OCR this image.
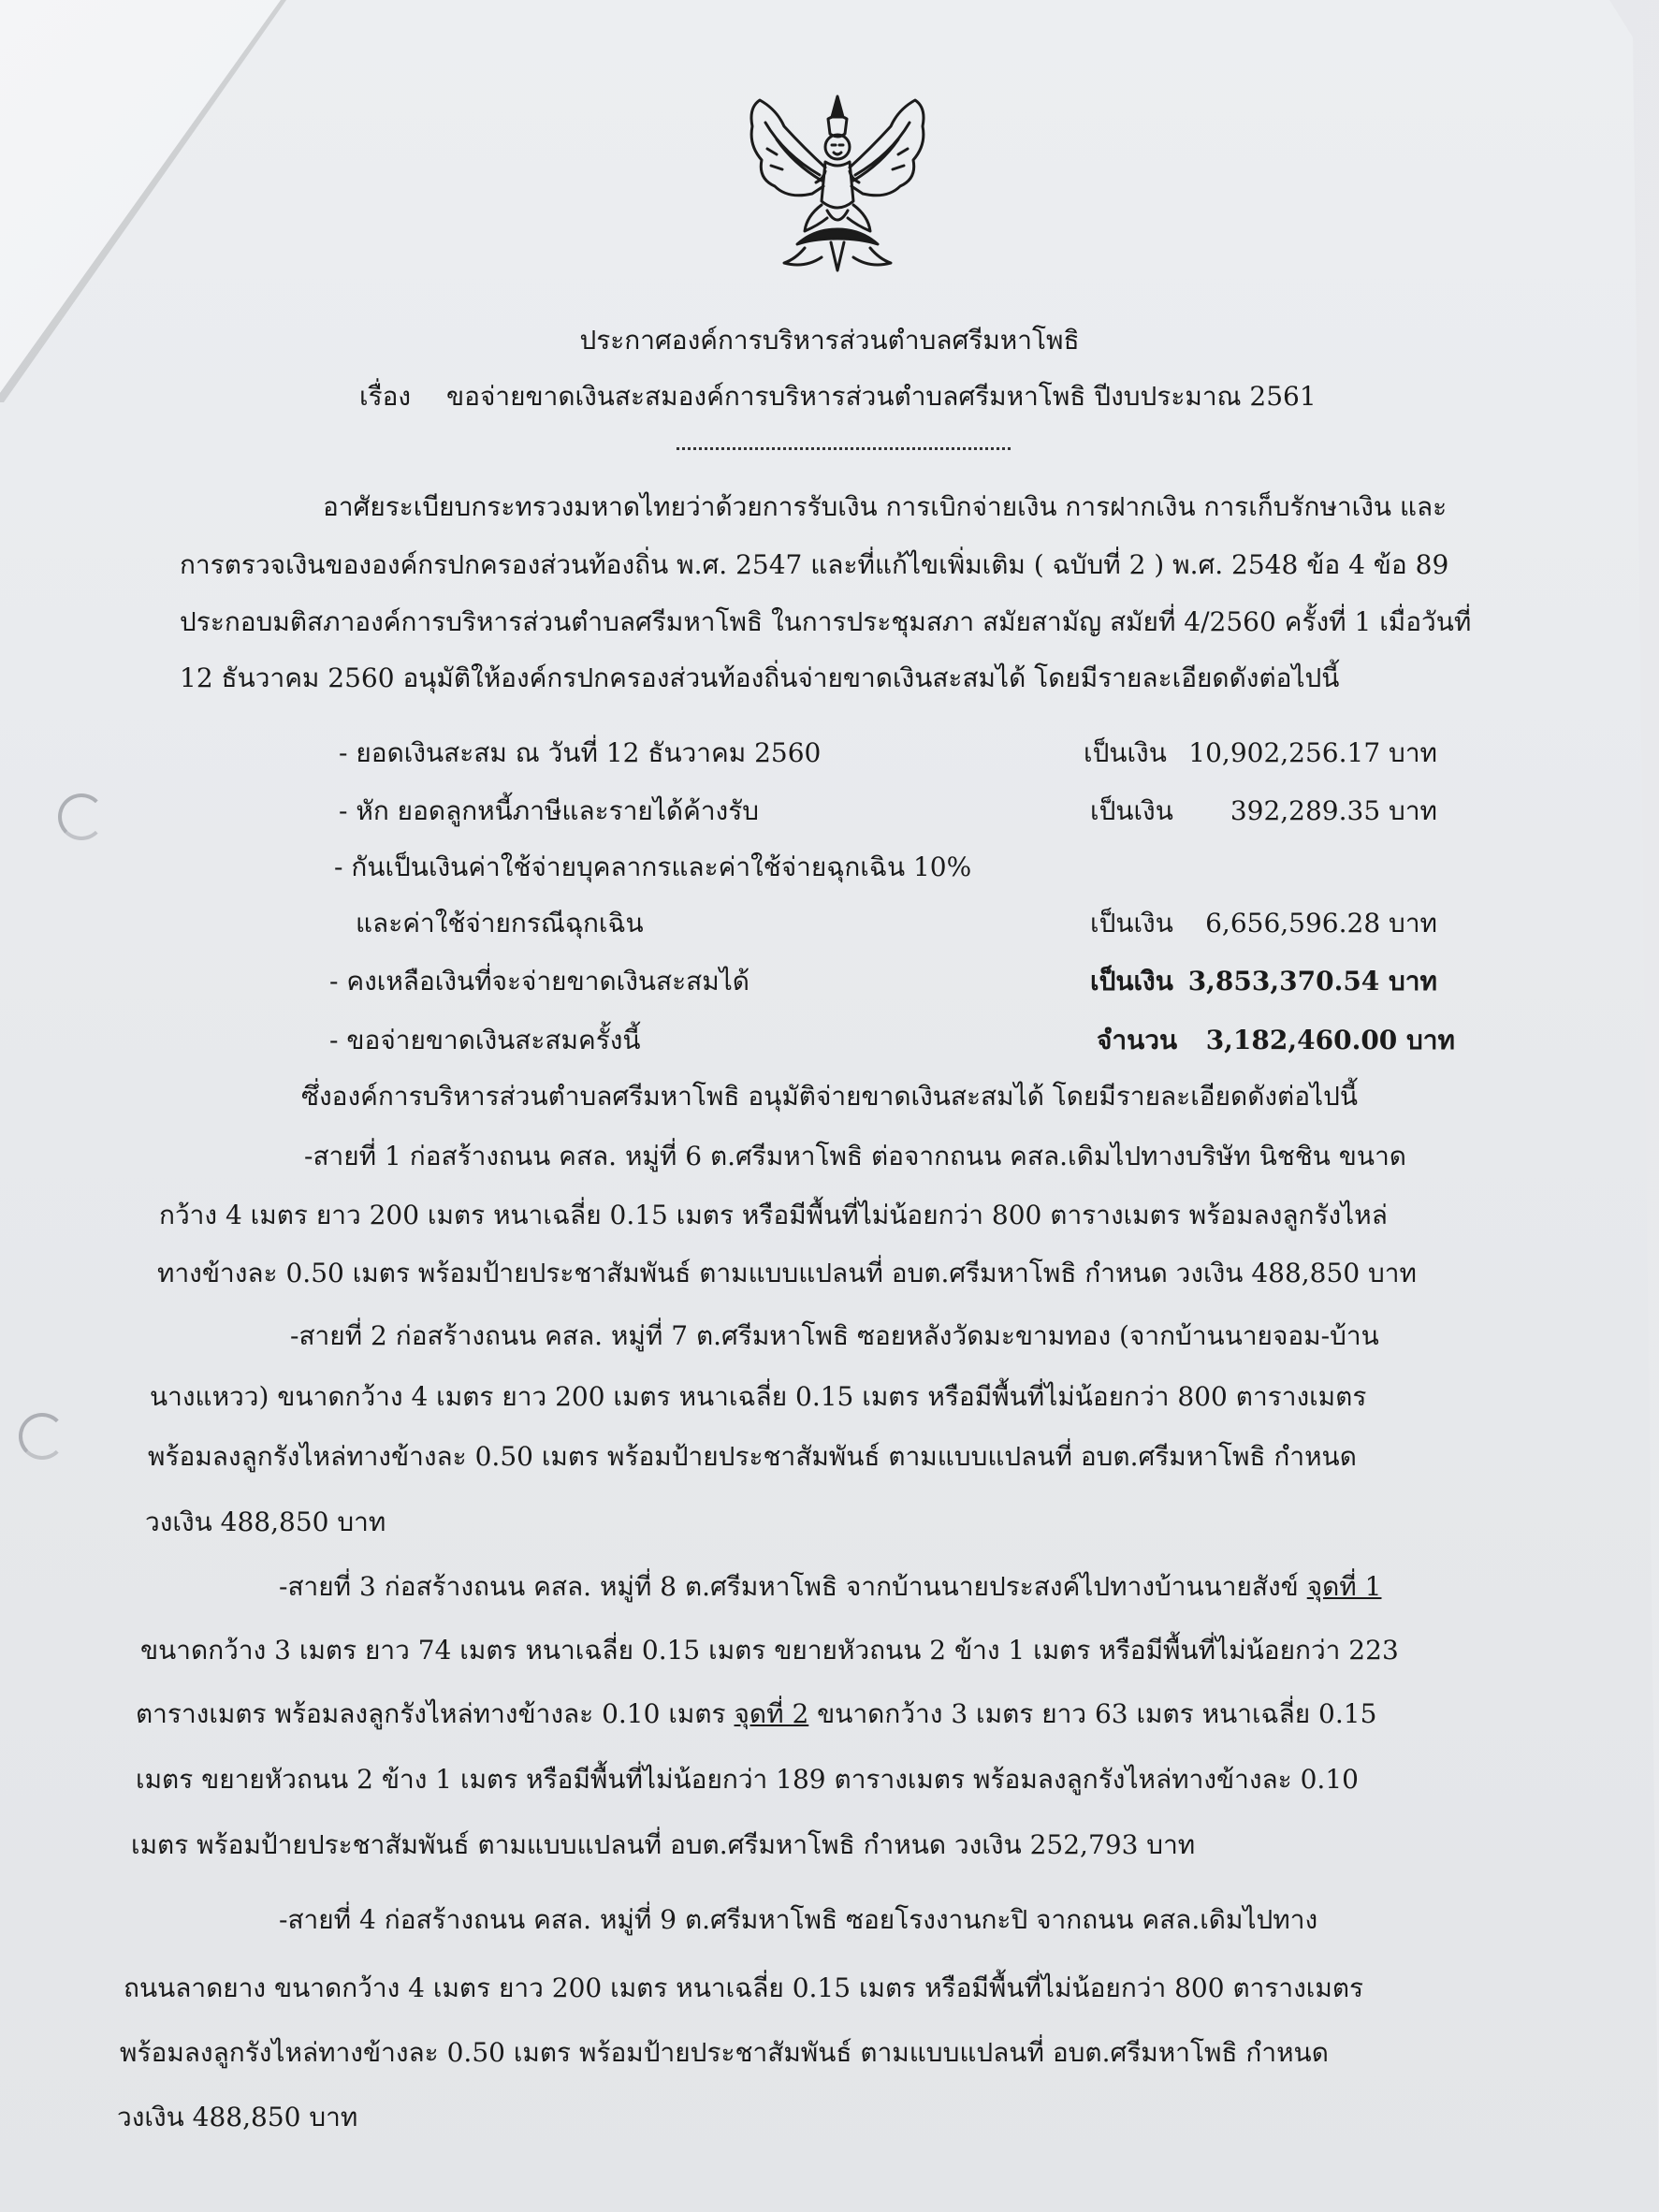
ประกาศองค์การบริหารส่วนตำบลศรีมหาโพธิ
เรื่อง ขอจ่ายขาดเงินสะสมองค์การบริหารส่วนตำบลศรีมหาโพธิ ปีงบประมาณ 2561
อาศัยระเบียบกระทรวงมหาดไทยว่าด้วยการรับเงิน การเบิกจ่ายเงิน การฝากเงิน การเก็บรักษาเงิน และ
การตรวจเงินขององค์กรปกครองส่วนท้องถิ่น พ.ศ. 2547 และที่แก้ไขเพิ่มเติม ( ฉบับที่ 2 ) พ.ศ. 2548 ข้อ 4 ข้อ 89
ประกอบมติสภาองค์การบริหารส่วนตำบลศรีมหาโพธิ ในการประชุมสภา สมัยสามัญ สมัยที่ 4/2560 ครั้งที่ 1 เมื่อวันที่
12 ธันวาคม 2560 อนุมัติให้องค์กรปกครองส่วนท้องถิ่นจ่ายขาดเงินสะสมได้ โดยมีรายละเอียดดังต่อไปนี้
- ยอดเงินสะสม ณ วันที่ 12 ธันวาคม 2560	เป็นเงิน 10,902,256.17 บาท
- หัก ยอดลูกหนี้ภาษีและรายได้ค้างรับ	เป็นเงิน 392,289.35 บาท
- กันเป็นเงินค่าใช้จ่ายบุคลากรและค่าใช้จ่ายฉุกเฉิน 10%
และค่าใช้จ่ายกรณีฉุกเฉิน	เป็นเงิน 6,656,596.28 บาท
- คงเหลือเงินที่จะจ่ายขาดเงินสะสมได้	เป็นเงิน 3,853,370.54 บาท
- ขอจ่ายขาดเงินสะสมครั้งนี้	จำนวน 3,182,460.00 บาท
ซึ่งองค์การบริหารส่วนตำบลศรีมหาโพธิ อนุมัติจ่ายขาดเงินสะสมได้ โดยมีรายละเอียดดังต่อไปนี้
-สายที่ 1 ก่อสร้างถนน คสล. หมู่ที่ 6 ต.ศรีมหาโพธิ ต่อจากถนน คสล.เดิมไปทางบริษัท นิชชิน ขนาด
กว้าง 4 เมตร ยาว 200 เมตร หนาเฉลี่ย 0.15 เมตร หรือมีพื้นที่ไม่น้อยกว่า 800 ตารางเมตร พร้อมลงลูกรังไหล่
ทางข้างละ 0.50 เมตร พร้อมป้ายประชาสัมพันธ์ ตามแบบแปลนที่ อบต.ศรีมหาโพธิ กำหนด วงเงิน 488,850 บาท
-สายที่ 2 ก่อสร้างถนน คสล. หมู่ที่ 7 ต.ศรีมหาโพธิ ซอยหลังวัดมะขามทอง (จากบ้านนายจอม-บ้าน
นางแหวว) ขนาดกว้าง 4 เมตร ยาว 200 เมตร หนาเฉลี่ย 0.15 เมตร หรือมีพื้นที่ไม่น้อยกว่า 800 ตารางเมตร
พร้อมลงลูกรังไหล่ทางข้างละ 0.50 เมตร พร้อมป้ายประชาสัมพันธ์ ตามแบบแปลนที่ อบต.ศรีมหาโพธิ กำหนด
วงเงิน 488,850 บาท
-สายที่ 3 ก่อสร้างถนน คสล. หมู่ที่ 8 ต.ศรีมหาโพธิ จากบ้านนายประสงค์ไปทางบ้านนายสังข์ จุดที่ 1
ขนาดกว้าง 3 เมตร ยาว 74 เมตร หนาเฉลี่ย 0.15 เมตร ขยายหัวถนน 2 ข้าง 1 เมตร หรือมีพื้นที่ไม่น้อยกว่า 223
ตารางเมตร พร้อมลงลูกรังไหล่ทางข้างละ 0.10 เมตร จุดที่ 2 ขนาดกว้าง 3 เมตร ยาว 63 เมตร หนาเฉลี่ย 0.15
เมตร ขยายหัวถนน 2 ข้าง 1 เมตร หรือมีพื้นที่ไม่น้อยกว่า 189 ตารางเมตร พร้อมลงลูกรังไหล่ทางข้างละ 0.10
เมตร พร้อมป้ายประชาสัมพันธ์ ตามแบบแปลนที่ อบต.ศรีมหาโพธิ กำหนด วงเงิน 252,793 บาท
-สายที่ 4 ก่อสร้างถนน คสล. หมู่ที่ 9 ต.ศรีมหาโพธิ ซอยโรงงานกะปิ จากถนน คสล.เดิมไปทาง
ถนนลาดยาง ขนาดกว้าง 4 เมตร ยาว 200 เมตร หนาเฉลี่ย 0.15 เมตร หรือมีพื้นที่ไม่น้อยกว่า 800 ตารางเมตร
พร้อมลงลูกรังไหล่ทางข้างละ 0.50 เมตร พร้อมป้ายประชาสัมพันธ์ ตามแบบแปลนที่ อบต.ศรีมหาโพธิ กำหนด
วงเงิน 488,850 บาท
